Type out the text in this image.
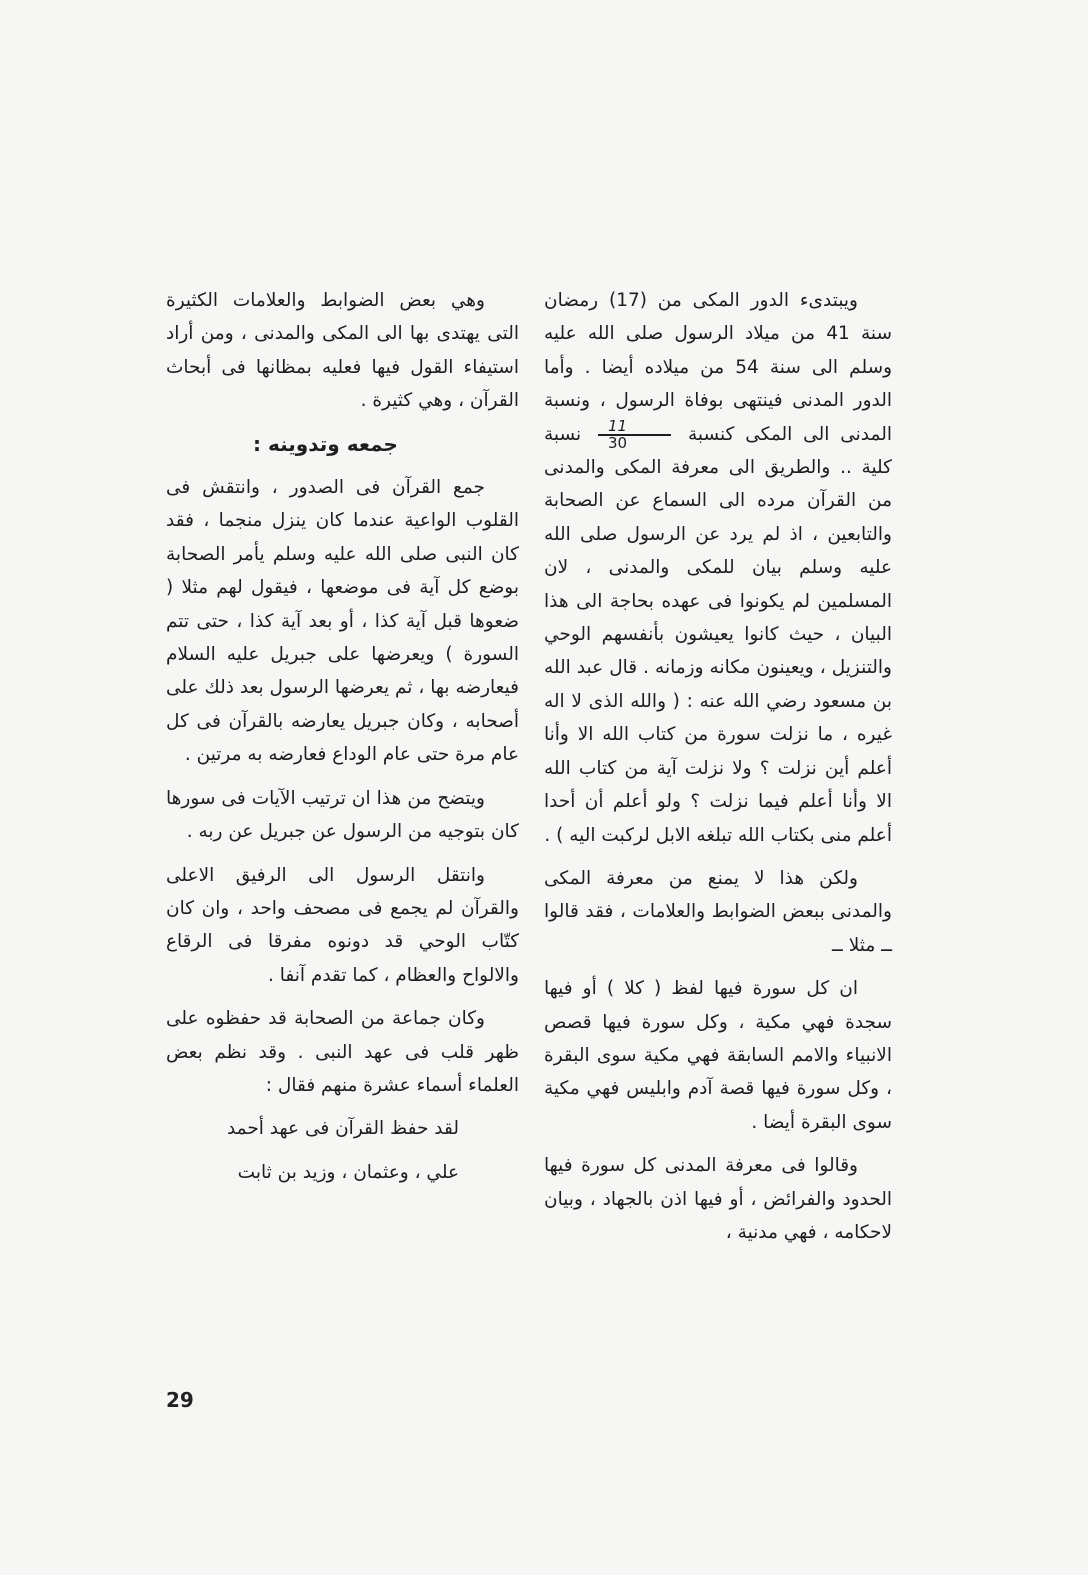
ويبتدىء الدور المكى من (17) رمضان سنة 41 من ميلاد الرسول صلى الله عليه وسلم الى سنة 54 من ميلاده أيضا . وأما الدور المدنى فينتهى بوفاة الرسول ، ونسبة المدنى الى المكى كنسبة
$\frac{11}{30}$
نسبة كلية .. والطريق الى معرفة المكى والمدنى من القرآن مرده الى السماع عن الصحابة والتابعين ، اذ لم يرد عن الرسول صلى الله عليه وسلم بيان للمكى والمدنى ، لان المسلمين لم يكونوا فى عهده بحاجة الى هذا البيان ، حيث كانوا يعيشون بأنفسهم الوحي والتنزيل ، ويعينون مكانه وزمانه . قال عبد الله بن مسعود رضي الله عنه : ( والله الذى لا اله غيره ، ما نزلت سورة من كتاب الله الا وأنا أعلم أين نزلت ؟ ولا نزلت آية من كتاب الله الا وأنا أعلم فيما نزلت ؟ ولو أعلم أن أحدا أعلم منى بكتاب الله تبلغه الابل لركبت اليه ) .

ولكن هذا لا يمنع من معرفة المكى والمدنى ببعض الضوابط والعلامات ، فقد قالوا ــ مثلا ــ

ان كل سورة فيها لفظ ( كلا ) أو فيها سجدة فهي مكية ، وكل سورة فيها قصص الانبياء والامم السابقة فهي مكية سوى البقرة ، وكل سورة فيها قصة آدم وابليس فهي مكية سوى البقرة أيضا .

وقالوا فى معرفة المدنى كل سورة فيها الحدود والفرائض ، أو فيها اذن بالجهاد ، وبيان لاحكامه ، فهي مدنية ،

وهي بعض الضوابط والعلامات الكثيرة التى يهتدى بها الى المكى والمدنى ، ومن أراد استيفاء القول فيها فعليه بمظانها فى أبحاث القرآن ، وهي كثيرة .

جمعه وتدوينه :

جمع القرآن فى الصدور ، وانتقش فى القلوب الواعية عندما كان ينزل منجما ، فقد كان النبى صلى الله عليه وسلم يأمر الصحابة بوضع كل آية فى موضعها ، فيقول لهم مثلا ( ضعوها قبل آية كذا ، أو بعد آية كذا ، حتى تتم السورة ) ويعرضها على جبريل عليه السلام فيعارضه بها ، ثم يعرضها الرسول بعد ذلك على أصحابه ، وكان جبريل يعارضه بالقرآن فى كل عام مرة حتى عام الوداع فعارضه به مرتين .

ويتضح من هذا ان ترتيب الآيات فى سورها كان بتوجيه من الرسول عن جبريل عن ربه .

وانتقل الرسول الى الرفيق الاعلى والقرآن لم يجمع فى مصحف واحد ، وان كان كتّاب الوحي قد دونوه مفرقا فى الرقاع والالواح والعظام ، كما تقدم آنفا .

وكان جماعة من الصحابة قد حفظوه على ظهر قلب فى عهد النبى . وقد نظم بعض العلماء أسماء عشرة منهم فقال :

لقد حفظ القرآن فى عهد أحمد

علي ، وعثمان ، وزيد بن ثابت

29
